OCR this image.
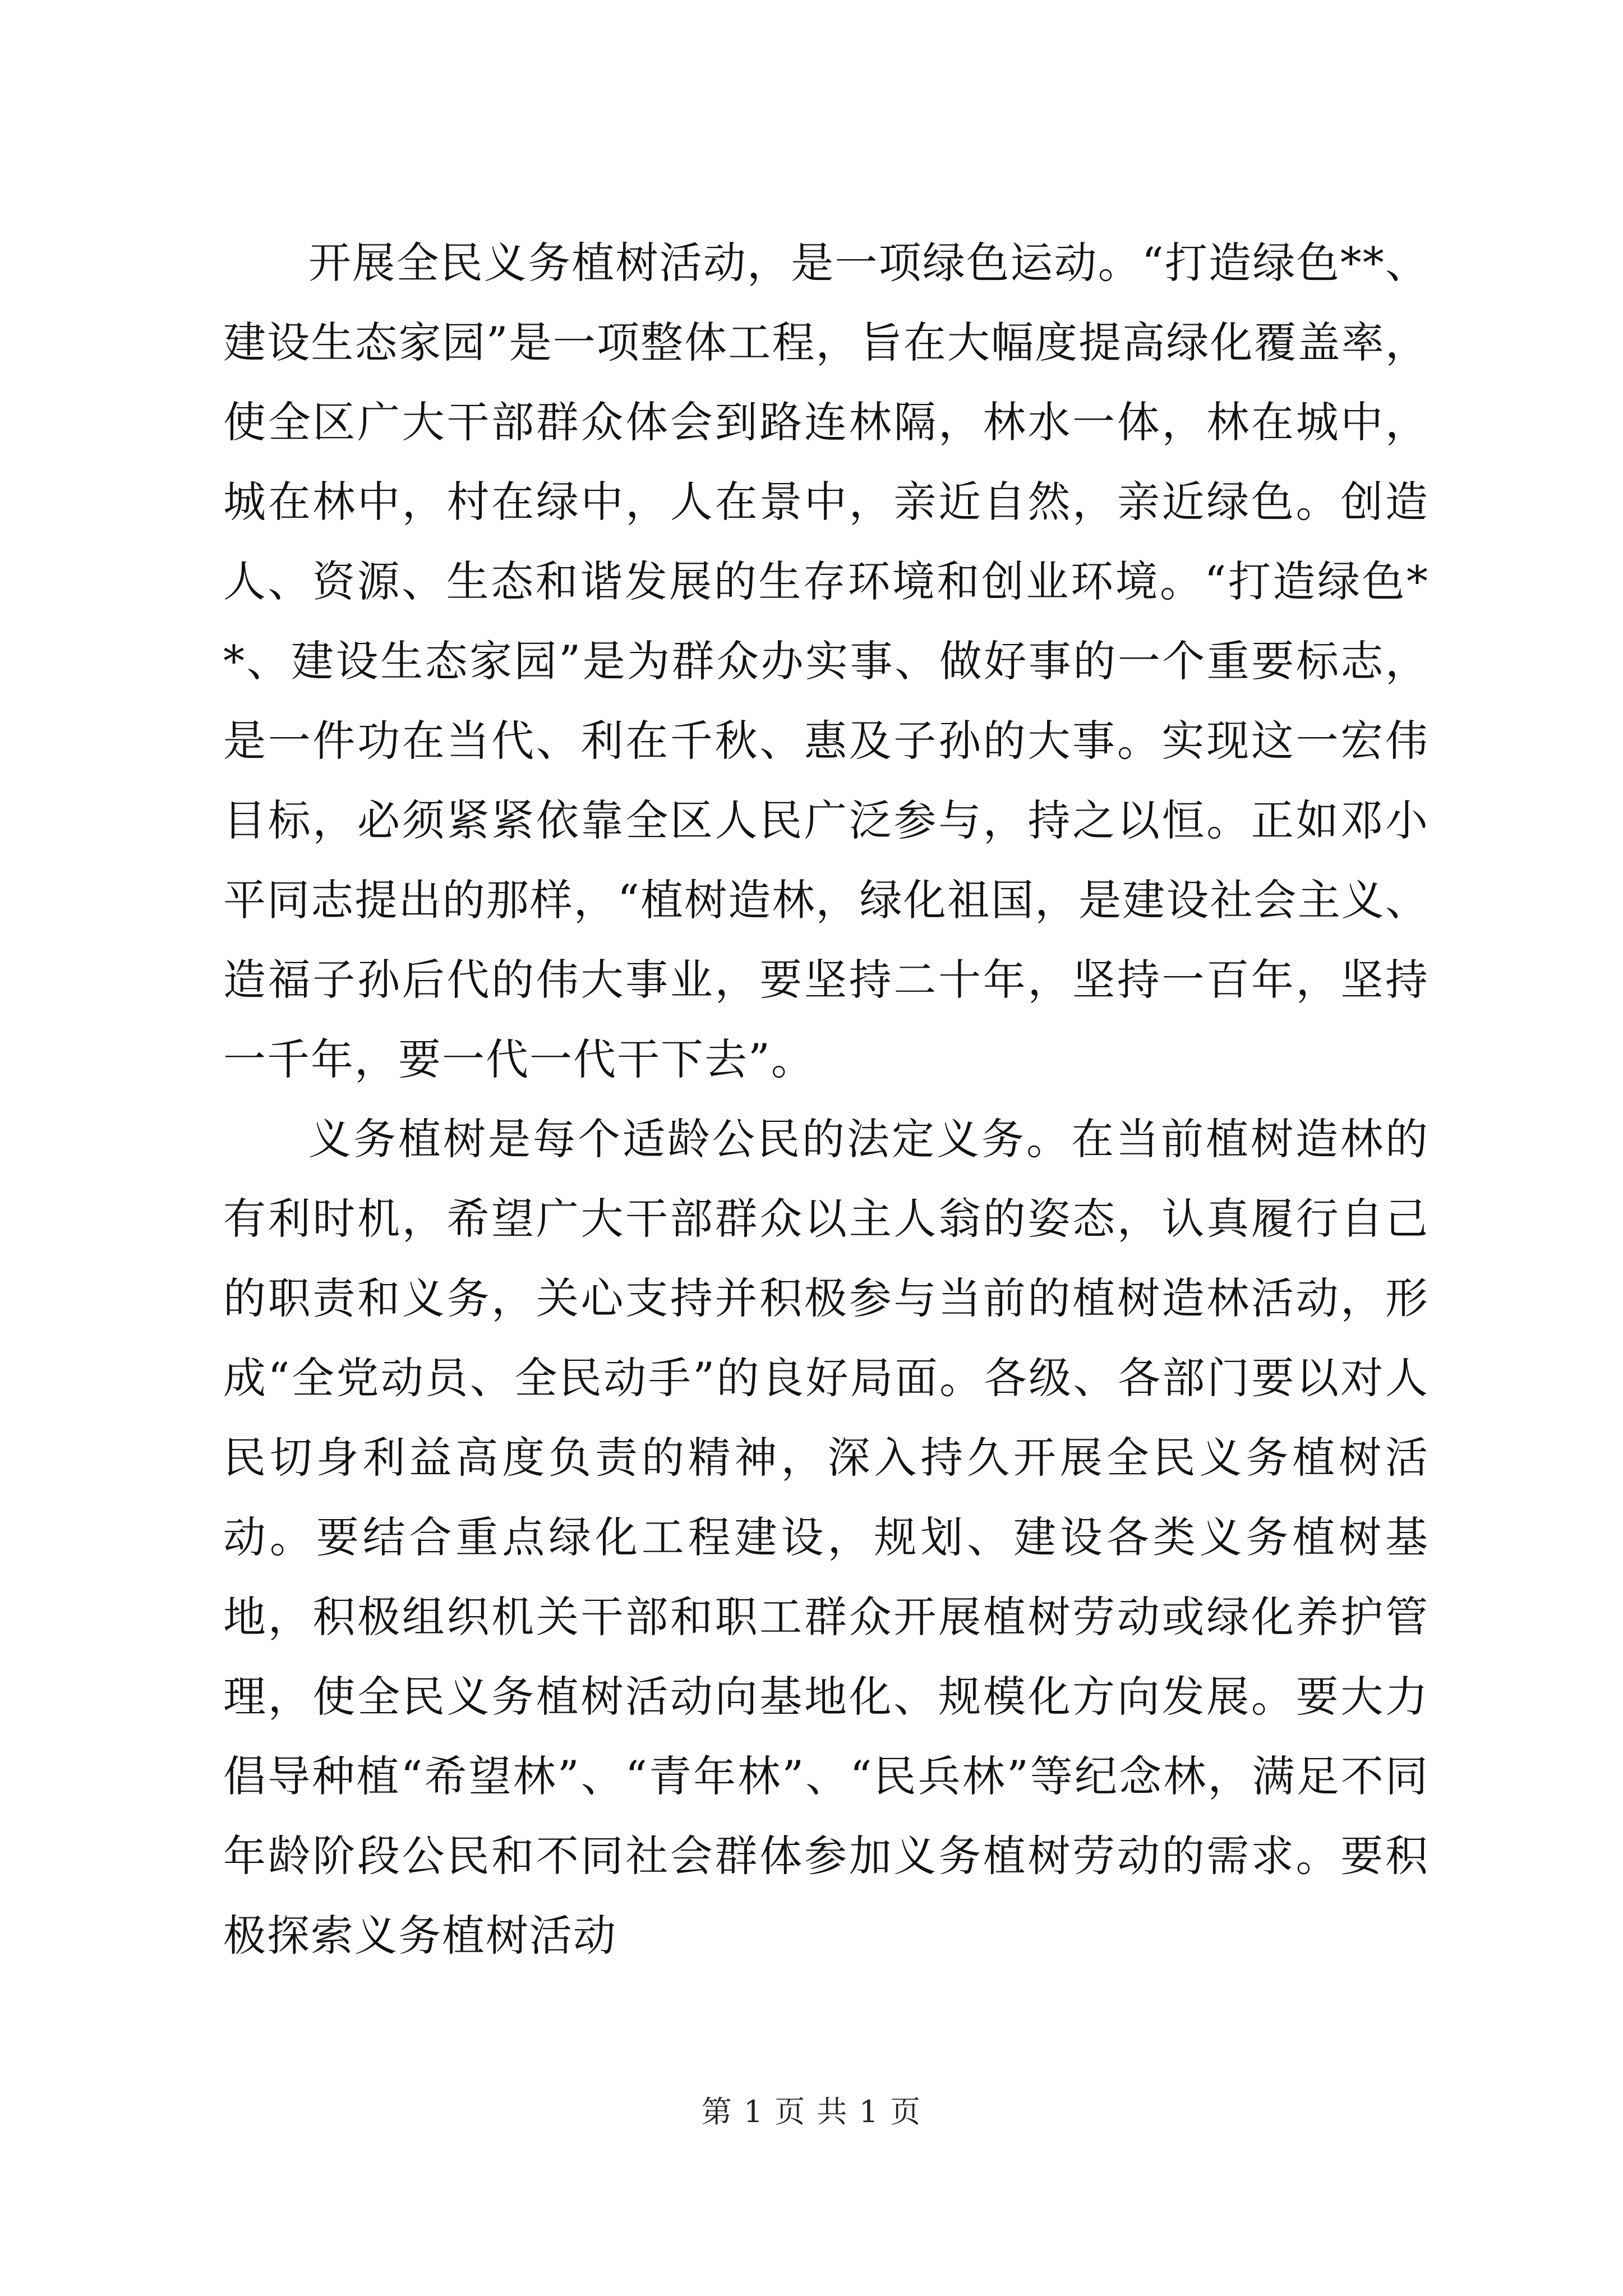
开展全民义务植树活动，是一项绿色运动。“打造绿色**、建设生态家园”是一项整体工程，旨在大幅度提高绿化覆盖率，使全区广大干部群众体会到路连林隔，林水一体，林在城中，城在林中，村在绿中，人在景中，亲近自然，亲近绿色。创造人、资源、生态和谐发展的生存环境和创业环境。“打造绿色**、建设生态家园”是为群众办实事、做好事的一个重要标志，是一件功在当代、利在千秋、惠及子孙的大事。实现这一宏伟目标，必须紧紧依靠全区人民广泛参与，持之以恒。正如邓小平同志提出的那样，“植树造林，绿化祖国，是建设社会主义、造福子孙后代的伟大事业，要坚持二十年，坚持一百年，坚持一千年，要一代一代干下去”。

义务植树是每个适龄公民的法定义务。在当前植树造林的有利时机，希望广大干部群众以主人翁的姿态，认真履行自己的职责和义务，关心支持并积极参与当前的植树造林活动，形成“全党动员、全民动手”的良好局面。各级、各部门要以对人民切身利益高度负责的精神，深入持久开展全民义务植树活动。要结合重点绿化工程建设，规划、建设各类义务植树基地，积极组织机关干部和职工群众开展植树劳动或绿化养护管理，使全民义务植树活动向基地化、规模化方向发展。要大力倡导种植“希望林”、“青年林”、“民兵林”等纪念林，满足不同年龄阶段公民和不同社会群体参加义务植树劳动的需求。要积极探索义务植树活动

第 1 页 共 1 页
